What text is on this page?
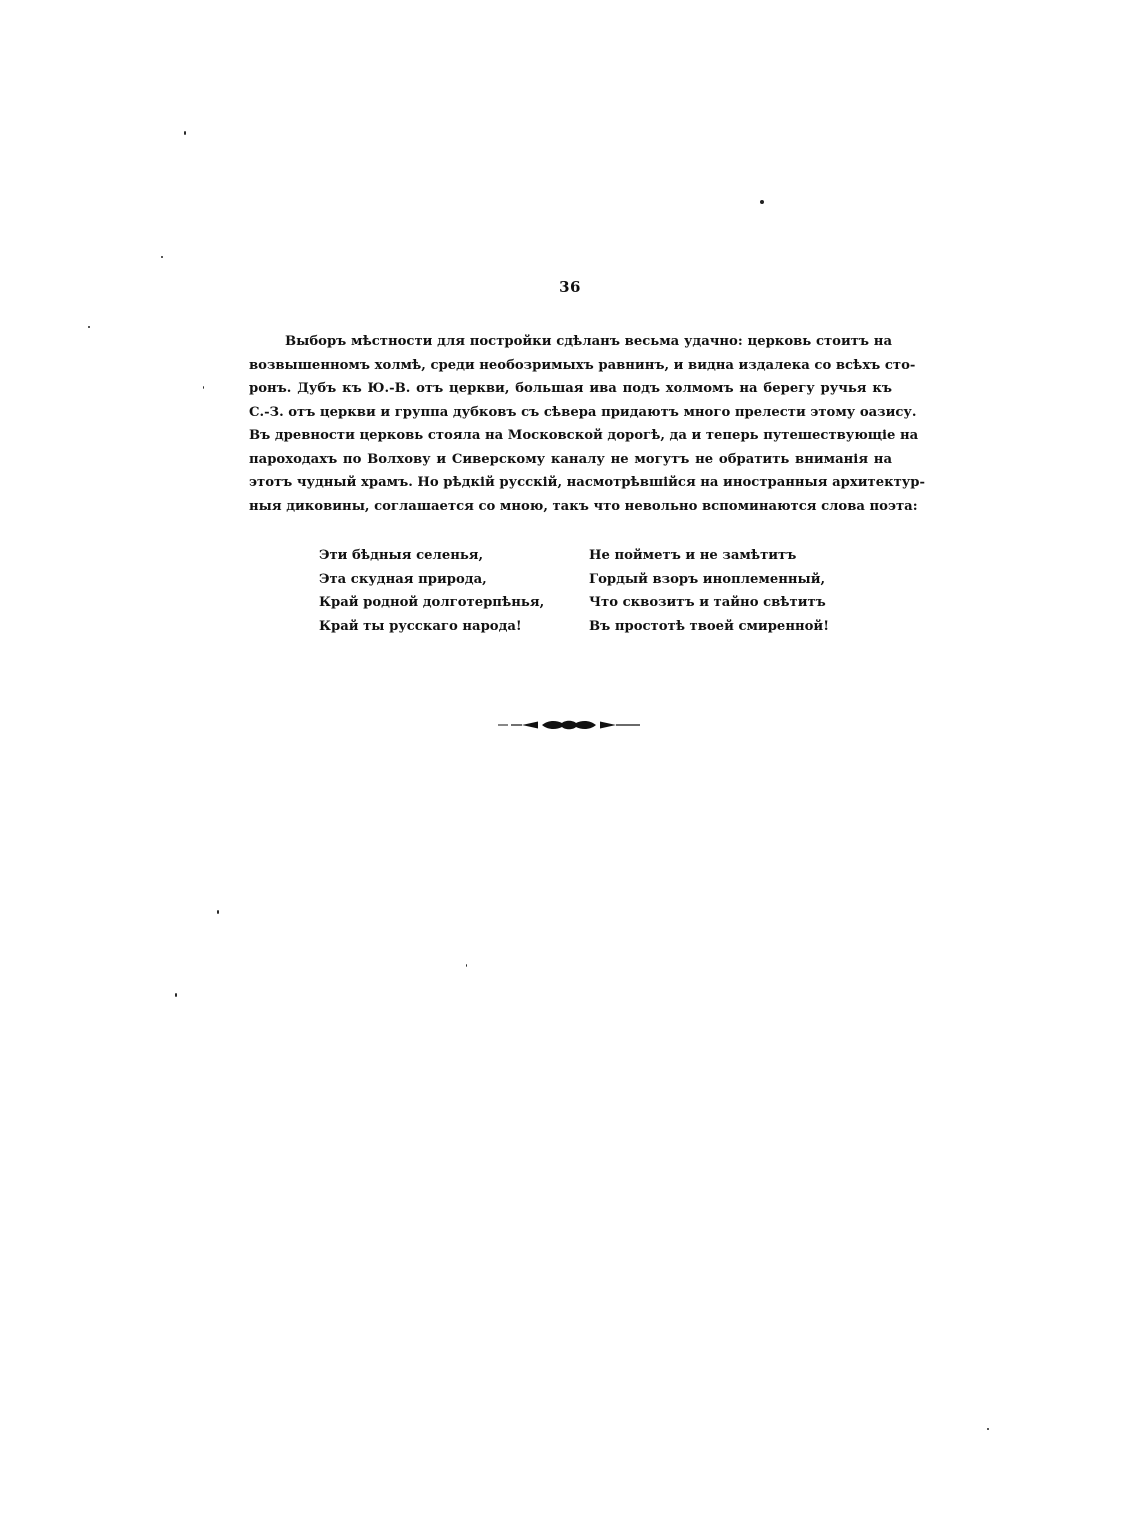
36
Выборъ мѣстности для постройки сдѣланъ весьма удачно: церковь стоитъ на
возвышенномъ холмѣ, среди необозримыхъ равнинъ, и видна издалека со всѣхъ сто-
ронъ. Дубъ къ Ю.-В. отъ церкви, большая ива подъ холмомъ на берегу ручья къ
С.-З. отъ церкви и группа дубковъ съ сѣвера придаютъ много прелести этому оазису.
Въ древности церковь стояла на Московской дорогѣ, да и теперь путешествующіе на
пароходахъ по Волхову и Сиверскому каналу не могутъ не обратить вниманія на
этотъ чудный храмъ. Но рѣдкій русскій, насмотрѣвшійся на иностранныя архитектур-
ныя диковины, соглашается со мною, такъ что невольно вспоминаются слова поэта:
Эти бѣдныя селенья,
Эта скудная природа,
Край родной долготерпѣнья,
Край ты русскаго народа!
Не пойметъ и не замѣтитъ
Гордый взоръ иноплеменный,
Что сквозитъ и тайно свѣтитъ
Въ простотѣ твоей смиренной!
